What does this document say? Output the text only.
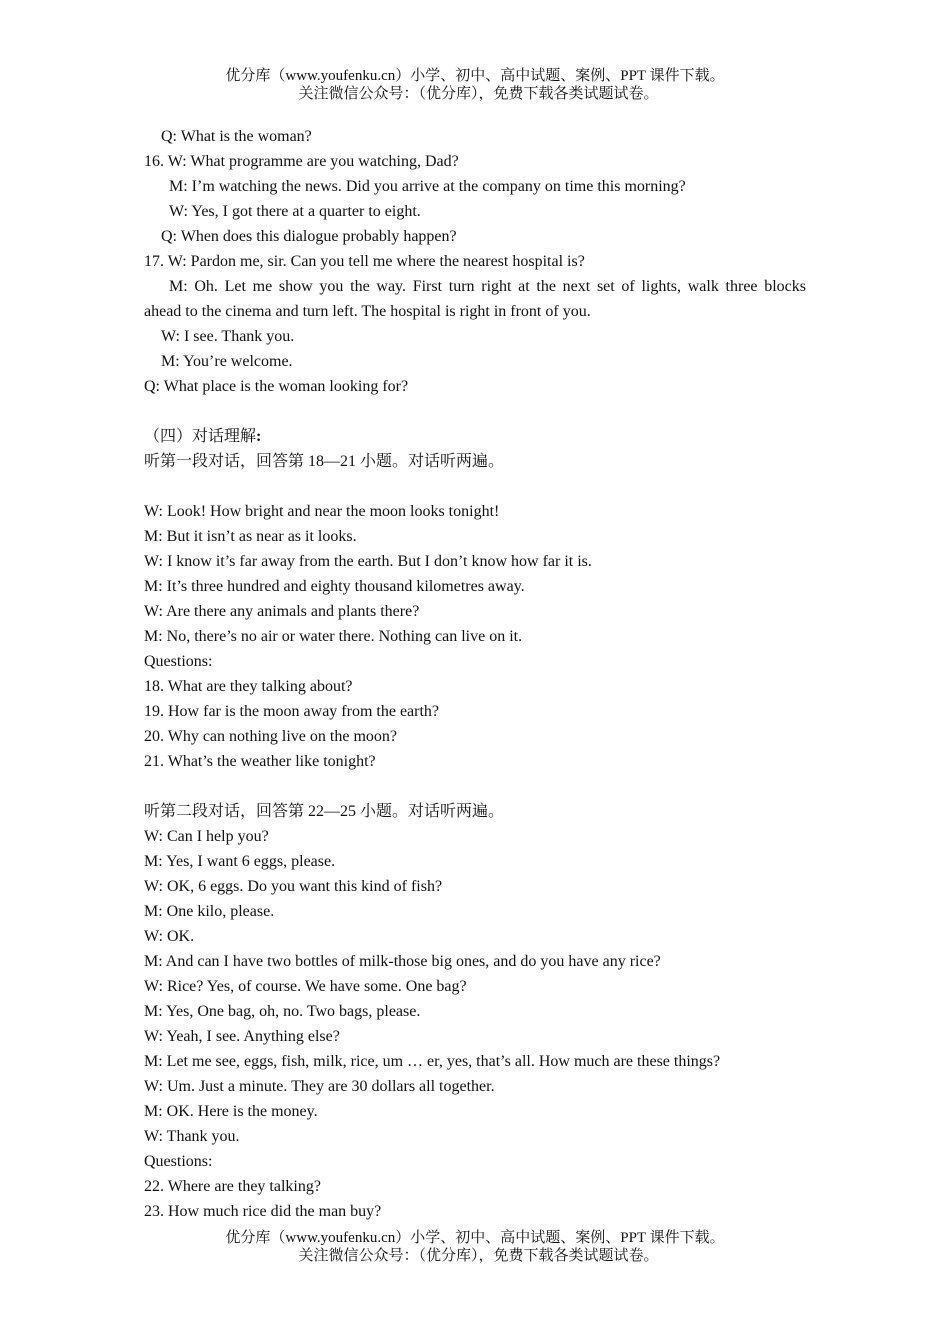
优分库（www.youfenku.cn）小学、初中、高中试题、案例、PPT 课件下载。
关注微信公众号：（优分库），免费下载各类试题试卷。
Q: What is the woman?
16. W: What programme are you watching, Dad?
M: I’m watching the news. Did you arrive at the company on time this morning?
W: Yes, I got there at a quarter to eight.
Q: When does this dialogue probably happen?
17. W: Pardon me, sir. Can you tell me where the nearest hospital is?
M: Oh. Let me show you the way. First turn right at the next set of lights, walk three blocks
ahead to the cinema and turn left. The hospital is right in front of you.
W: I see. Thank you.
M: You’re welcome.
Q: What place is the woman looking for?
（四）对话理解:
听第一段对话，回答第 18—21 小题。对话听两遍。
W: Look! How bright and near the moon looks tonight!
M: But it isn’t as near as it looks.
W: I know it’s far away from the earth. But I don’t know how far it is.
M: It’s three hundred and eighty thousand kilometres away.
W: Are there any animals and plants there?
M: No, there’s no air or water there. Nothing can live on it.
Questions:
18. What are they talking about?
19. How far is the moon away from the earth?
20. Why can nothing live on the moon?
21. What’s the weather like tonight?
听第二段对话，回答第 22—25 小题。对话听两遍。
W: Can I help you?
M: Yes, I want 6 eggs, please.
W: OK, 6 eggs. Do you want this kind of fish?
M: One kilo, please.
W: OK.
M: And can I have two bottles of milk-those big ones, and do you have any rice?
W: Rice? Yes, of course. We have some. One bag?
M: Yes, One bag, oh, no. Two bags, please.
W: Yeah, I see. Anything else?
M: Let me see, eggs, fish, milk, rice, um … er, yes, that’s all. How much are these things?
W: Um. Just a minute. They are 30 dollars all together.
M: OK. Here is the money.
W: Thank you.
Questions:
22. Where are they talking?
23. How much rice did the man buy?
优分库（www.youfenku.cn）小学、初中、高中试题、案例、PPT 课件下载。
关注微信公众号：（优分库），免费下载各类试题试卷。
